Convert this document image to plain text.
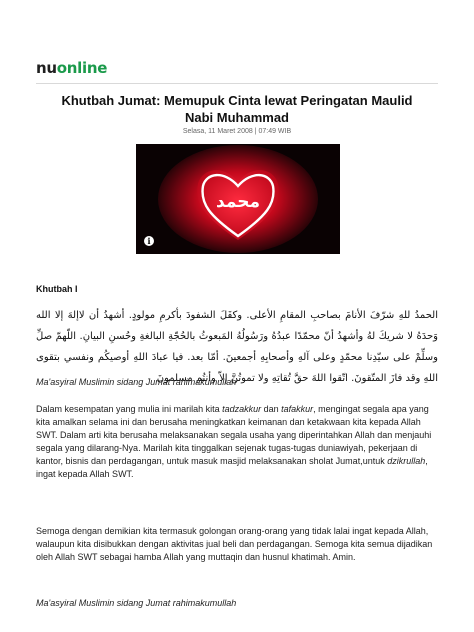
nuonline
Khutbah Jumat: Memupuk Cinta lewat Peringatan Maulid Nabi Muhammad
Selasa, 11 Maret 2008 | 07:49 WIB
محمد
i
Khutbah I
الحمدُ للهِ شرّفَ الأنامَ بصاحبِ المقامِ الأعلى. وكفَلَ الشفودَ بأكرمِ مولودٍ. أشهدُ أن لاإلهَ إلا الله وَحدَهُ لا شريكَ لهُ وأشهدُ أنّ محمّدًا عبدُهُ ورَسُولُهُ المَبعوثُ بالحُجّةِ البالغةِ وحُسنِ البيانِ. اللّهمّ صلِّ وسلِّمْ على سيّدِنا محمّدٍ وعلى آلهِ وأصحابِهِ أجمعينَ. أمّا بعد. فيا عبادَ اللهِ أوصيكُم ونفسي بتقوى اللهِ وقد فازَ المتّقونَ. اتّقوا اللهَ حقَّ تُقاتِهِ ولا تموتُنَّ إلاّ وأنتُم مسلمونَ
Ma'asyiral Muslimin sidang Jumat rahimakumullah
Dalam kesempatan yang mulia ini marilah kita tadzakkur dan tafakkur, mengingat segala apa yang kita amalkan selama ini dan berusaha meningkatkan keimanan dan ketakwaan kita kepada Allah SWT. Dalam arti kita berusaha melaksanakan segala usaha yang diperintahkan Allah dan menjauhi segala yang dilarang-Nya. Marilah kita tinggalkan sejenak tugas-tugas duniawiyah, pekerjaan di kantor, bisnis dan perdagangan, untuk masuk masjid melaksanakan sholat Jumat,untuk dzikrullah, ingat kepada Allah SWT.
Semoga dengan demikian kita termasuk golongan orang-orang yang tidak lalai ingat kepada Allah, walaupun kita disibukkan dengan aktivitas jual beli dan perdagangan. Semoga kita semua dijadikan oleh Allah SWT sebagai hamba Allah yang muttaqin dan husnul khatimah. Amin.
Ma'asyiral Muslimin sidang Jumat rahimakumullah
